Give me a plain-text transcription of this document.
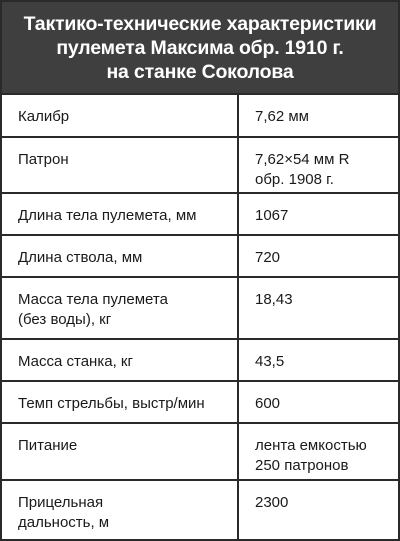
Тактико-технические характеристики
пулемета Максима обр. 1910 г.
на станке Соколова
Калибр	7,62 мм

Патрон	7,62×54 мм R
обр. 1908 г.

Длина тела пулемета, мм	1067

Длина ствола, мм	720

Масса тела пулемета
(без воды), кг	18,43

Масса станка, кг	43,5

Темп стрельбы, выстр/мин	600

Питание	лента емкостью
250 патронов

Прицельная
дальность, м	2300
